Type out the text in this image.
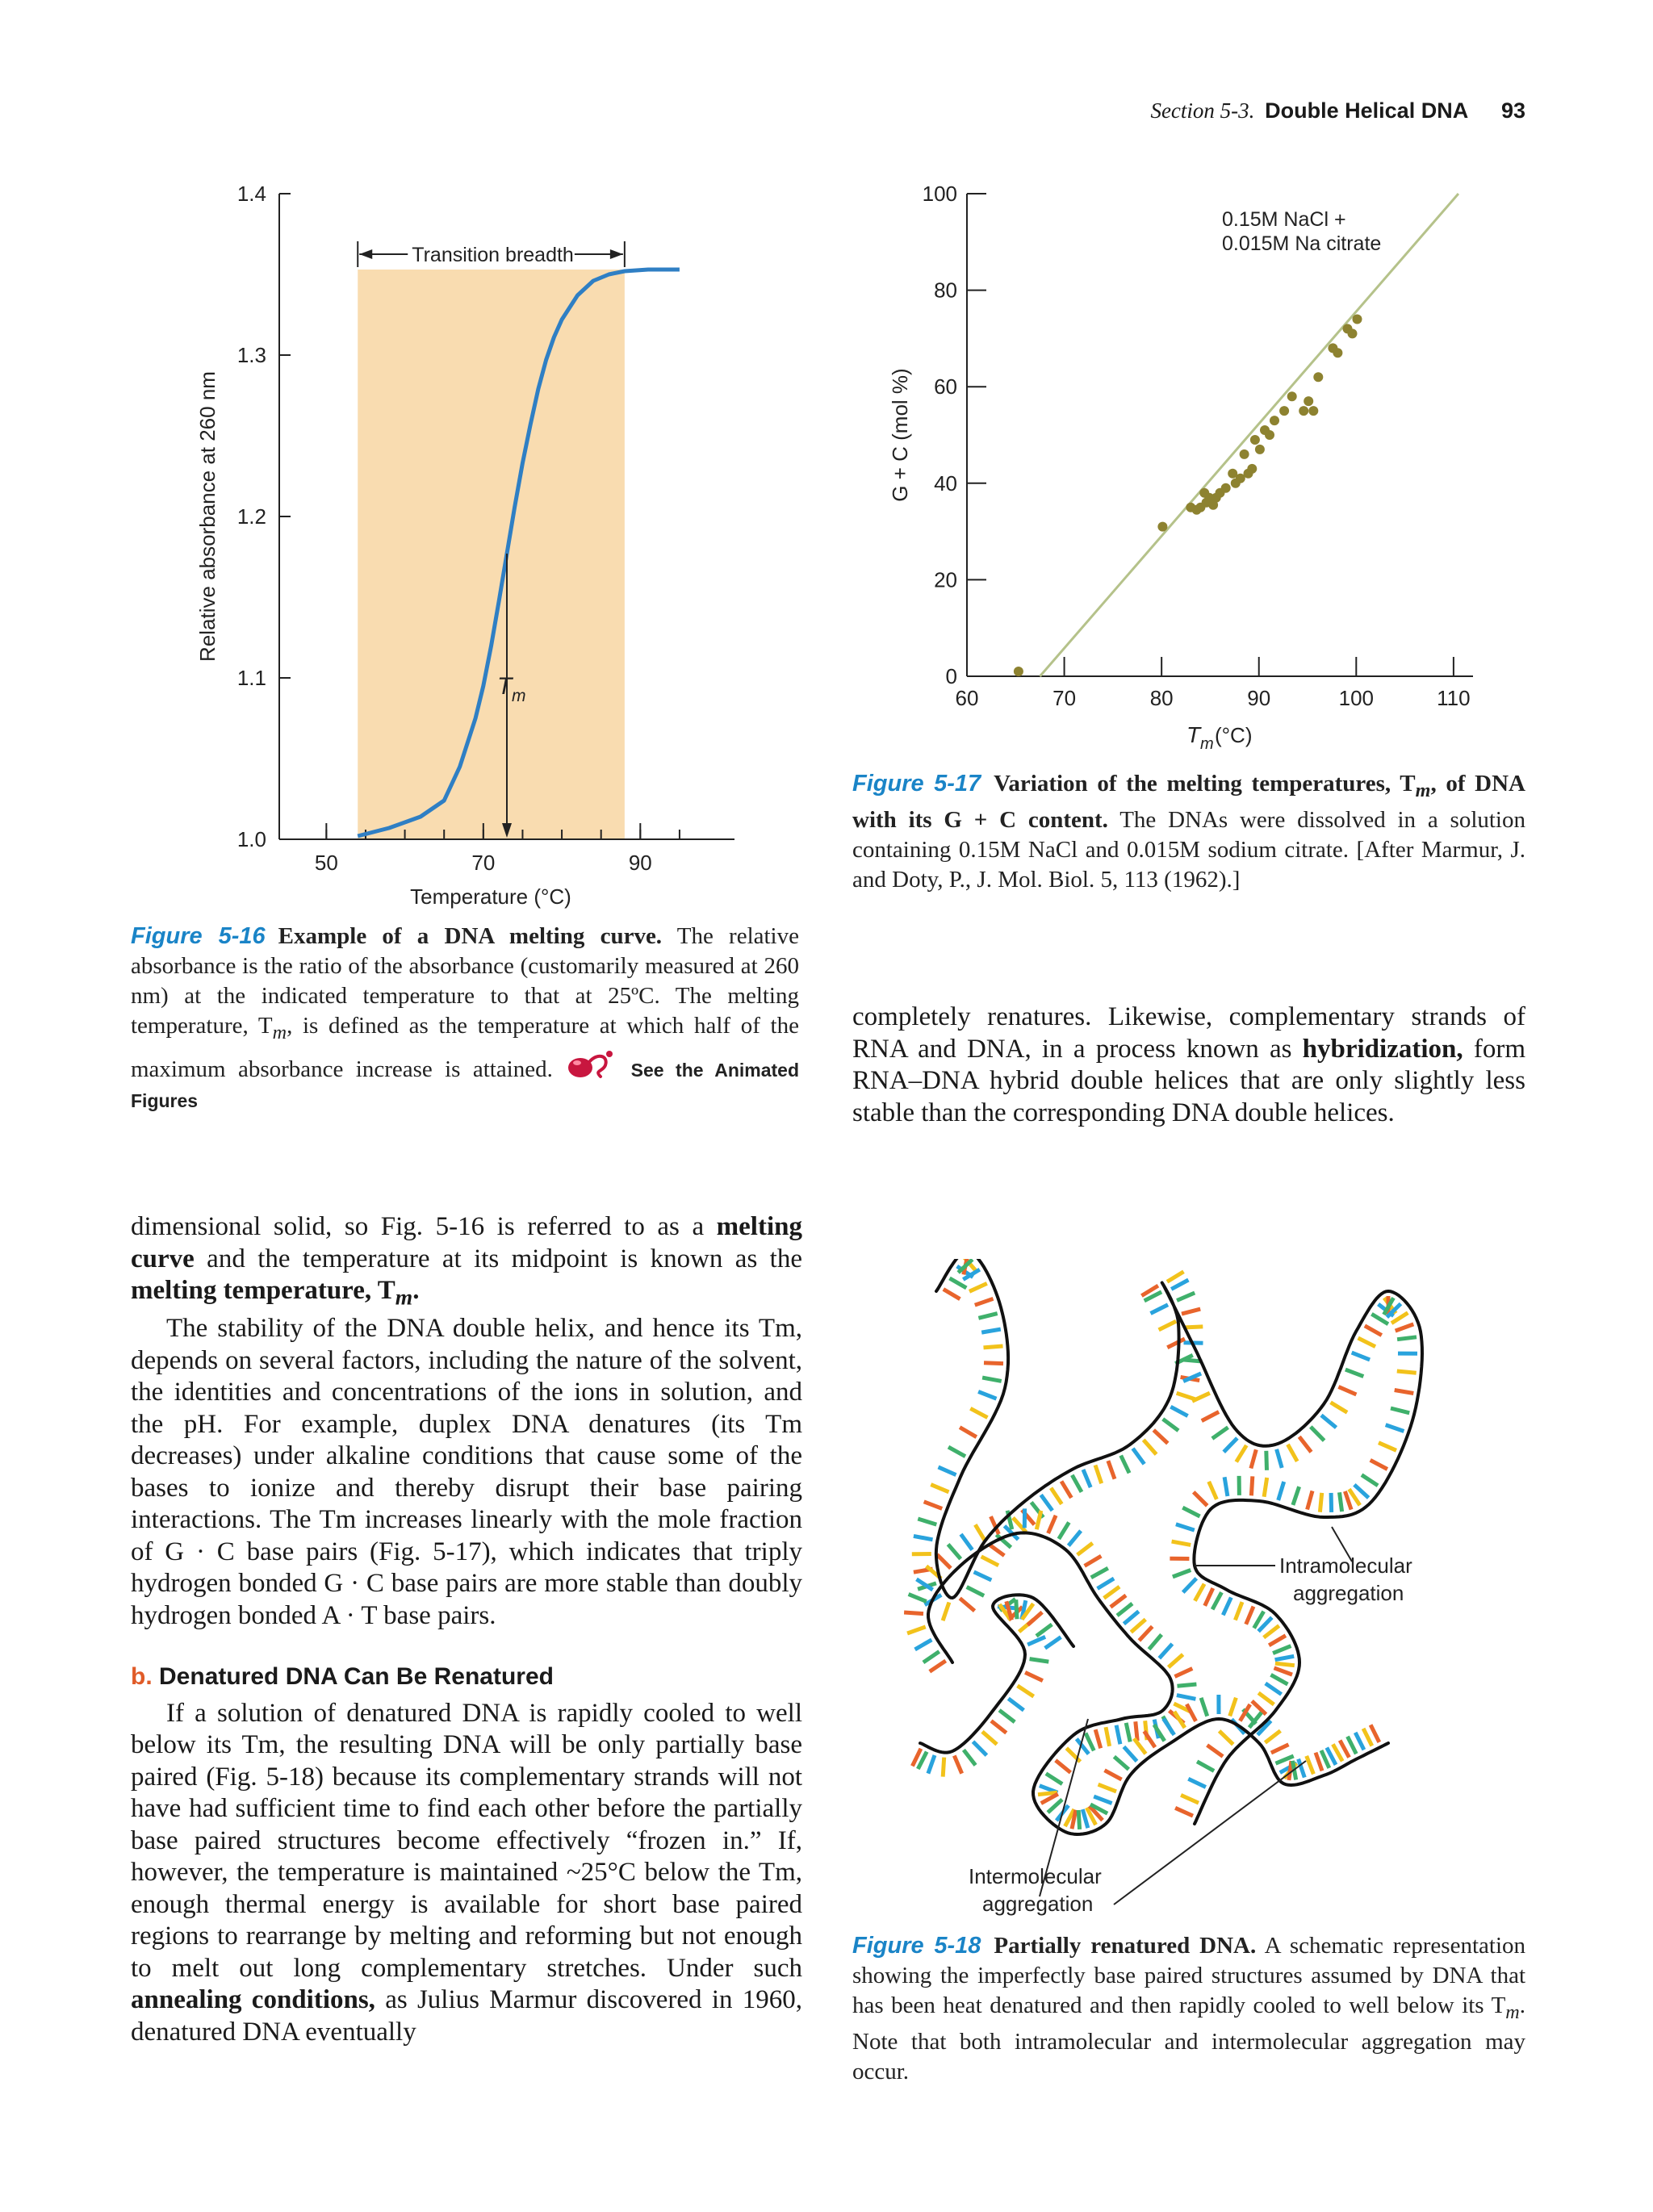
Section 5-3. Double Helical DNA 93
1.0
1.1
1.2
1.3
1.4
50	70	90
Temperature (°C)
Relative absorbance at 260 nm
Transition breadth
T m
0
20
40
60
80
100
60	70	80	90	100	110
G + C (mol %)
T m (°C)
0.15M NaCl +
0.015M Na citrate
Figure 5-16 Example of a DNA melting curve. The relative absorbance is the ratio of the absorbance (customarily measured at 260 nm) at the indicated temperature to that at 25ºC. The melting temperature, $T_m$, is defined as the temperature at which half of the maximum absorbance increase is attained.	See the Animated Figures
Figure 5-17 Variation of the melting temperatures, $T_m$, of DNA with its G + C content. The DNAs were dissolved in a solution containing 0.15M NaCl and 0.015M sodium citrate. [After Marmur, J. and Doty, P., J. Mol. Biol. 5, 113 (1962).]

completely renatures. Likewise, complementary strands of RNA and DNA, in a process known as hybridization, form RNA–DNA hybrid double helices that are only slightly less stable than the corresponding DNA double helices.

dimensional solid, so Fig. 5-16 is referred to as a melting curve and the temperature at its midpoint is known as the melting temperature, $T_m$.

The stability of the DNA double helix, and hence its Tm, depends on several factors, including the nature of the solvent, the identities and concentrations of the ions in solution, and the pH. For example, duplex DNA denatures (its Tm decreases) under alkaline conditions that cause some of the bases to ionize and thereby disrupt their base pairing interactions. The Tm increases linearly with the mole fraction of G · C base pairs (Fig. 5-17), which indicates that triply hydrogen bonded G · C base pairs are more stable than doubly hydrogen bonded A · T base pairs.

b. Denatured DNA Can Be Renatured

If a solution of denatured DNA is rapidly cooled to well below its Tm, the resulting DNA will be only partially base paired (Fig. 5-18) because its complementary strands will not have had sufficient time to find each other before the partially base paired structures become effectively “frozen in.” If, however, the temperature is maintained ~25°C below the Tm, enough thermal energy is available for short base paired regions to rearrange by melting and reforming but not enough to melt out long complementary stretches. Under such annealing conditions, as Julius Marmur discovered in 1960, denatured DNA eventually

Intramolecular
aggregation
Intermolecular
aggregation
Figure 5-18 Partially renatured DNA. A schematic representation showing the imperfectly base paired structures assumed by DNA that has been heat denatured and then rapidly cooled to well below its $T_m$. Note that both intramolecular and intermolecular aggregation may occur.
